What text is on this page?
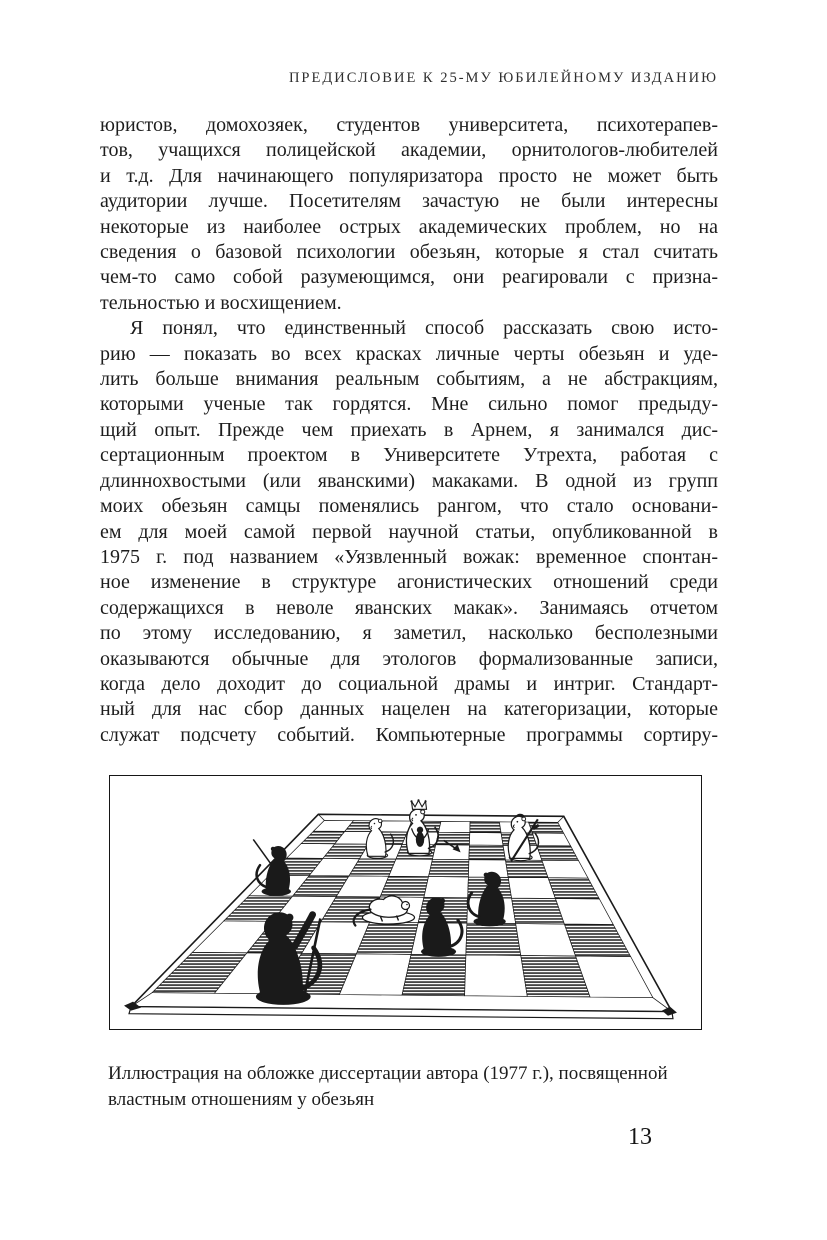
ПРЕДИСЛОВИЕ К 25-МУ ЮБИЛЕЙНОМУ ИЗДАНИЮ
юристов, домохозяек, студентов университета, психотерапев-
тов, учащихся полицейской академии, орнитологов-любителей
и т.д. Для начинающего популяризатора просто не может быть
аудитории лучше. Посетителям зачастую не были интересны
некоторые из наиболее острых академических проблем, но на
сведения о базовой психологии обезьян, которые я стал считать
чем-то само собой разумеющимся, они реагировали с призна-
тельностью и восхищением.
Я понял, что единственный способ рассказать свою исто-
рию — показать во всех красках личные черты обезьян и уде-
лить больше внимания реальным событиям, а не абстракциям,
которыми ученые так гордятся. Мне сильно помог предыду-
щий опыт. Прежде чем приехать в Арнем, я занимался дис-
сертационным проектом в Университете Утрехта, работая с
длиннохвостыми (или яванскими) макаками. В одной из групп
моих обезьян самцы поменялись рангом, что стало основани-
ем для моей самой первой научной статьи, опубликованной в
1975 г. под названием «Уязвленный вожак: временное спонтан-
ное изменение в структуре агонистических отношений среди
содержащихся в неволе яванских макак». Занимаясь отчетом
по этому исследованию, я заметил, насколько бесполезными
оказываются обычные для этологов формализованные записи,
когда дело доходит до социальной драмы и интриг. Стандарт-
ный для нас сбор данных нацелен на категоризации, которые
служат подсчету событий. Компьютерные программы сортиру-
Иллюстрация на обложке диссертации автора (1977 г.), посвященной
властным отношениям у обезьян
13
